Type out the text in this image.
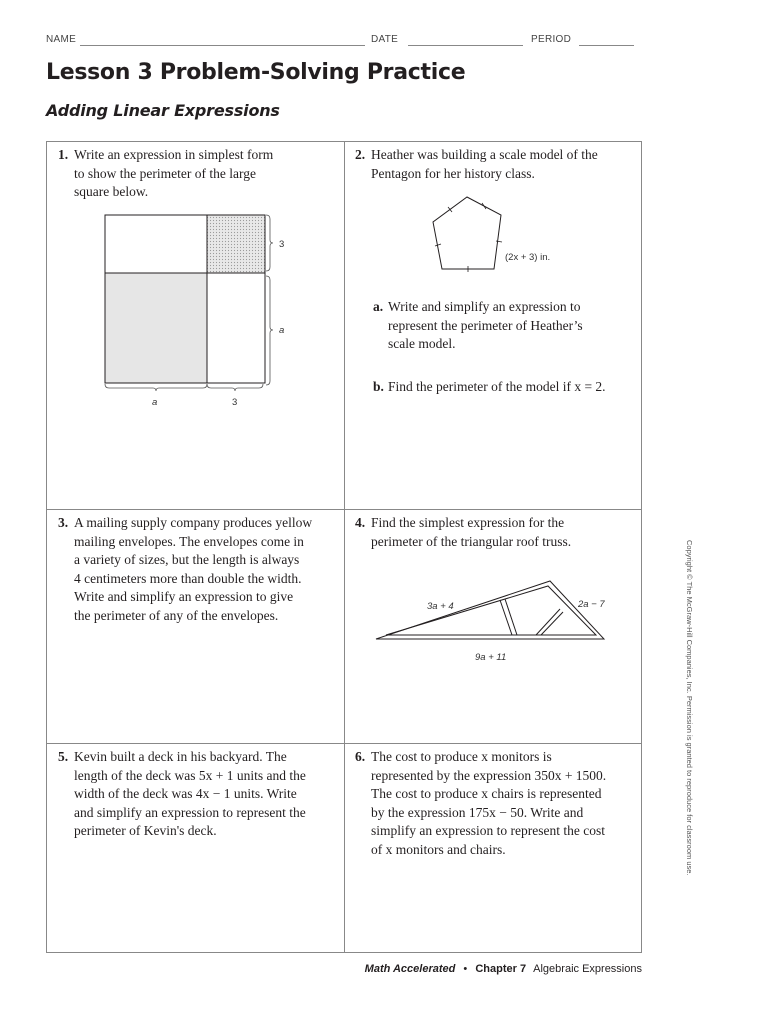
NAME	DATE	PERIOD
Lesson 3 Problem-Solving Practice
Adding Linear Expressions
1. Write an expression in simplest form
to show the perimeter of the large
square below.
3
a
a	3
2. Heather was building a scale model of the
Pentagon for her history class.
(2x + 3) in.
a. Write and simplify an expression to
represent the perimeter of Heather’s
scale model.
b. Find the perimeter of the model if x = 2.
3. A mailing supply company produces yellow
mailing envelopes. The envelopes come in
a variety of sizes, but the length is always
4 centimeters more than double the width.
Write and simplify an expression to give
the perimeter of any of the envelopes.
4. Find the simplest expression for the
perimeter of the triangular roof truss.
3a + 4	2a − 7
9a + 11
5. Kevin built a deck in his backyard. The
length of the deck was 5x + 1 units and the
width of the deck was 4x − 1 units. Write
and simplify an expression to represent the
perimeter of Kevin's deck.
6. The cost to produce x monitors is
represented by the expression 350x + 1500.
The cost to produce x chairs is represented
by the expression 175x − 50. Write and
simplify an expression to represent the cost
of x monitors and chairs.	Copyright © The McGraw-Hill Companies, Inc. Permission is granted to reproduce for classroom use.
Math Accelerated • Chapter 7 Algebraic Expressions
